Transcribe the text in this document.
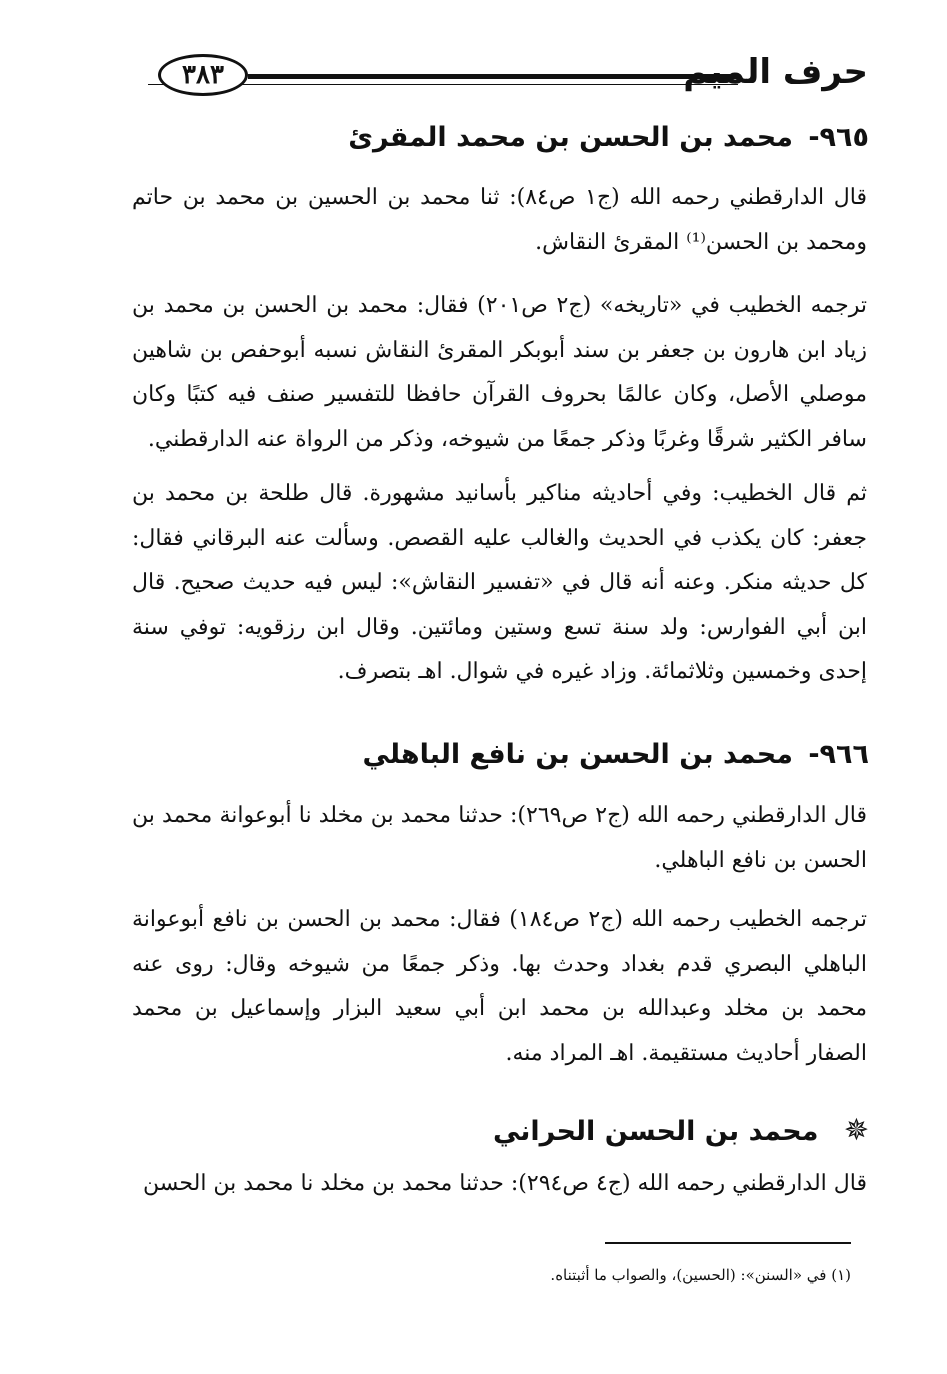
حرف الميم
٣٨٣
٩٦٥- محمد بن الحسن بن محمد المقرئ
قال الدارقطني رحمه الله (ج١ ص٨٤): ثنا محمد بن الحسين بن محمد بن حاتم ومحمد بن الحسن⁽¹⁾ المقرئ النقاش.
ترجمه الخطيب في «تاريخه» (ج٢ ص٢٠١) فقال: محمد بن الحسن بن محمد بن زياد ابن هارون بن جعفر بن سند أبوبكر المقرئ النقاش نسبه أبوحفص بن شاهين موصلي الأصل، وكان عالمًا بحروف القرآن حافظا للتفسير صنف فيه كتبًا وكان سافر الكثير شرقًا وغربًا وذكر جمعًا من شيوخه، وذكر من الرواة عنه الدارقطني.
ثم قال الخطيب: وفي أحاديثه مناكير بأسانيد مشهورة. قال طلحة بن محمد بن جعفر: كان يكذب في الحديث والغالب عليه القصص. وسألت عنه البرقاني فقال: كل حديثه منكر. وعنه أنه قال في «تفسير النقاش»: ليس فيه حديث صحيح. قال ابن أبي الفوارس: ولد سنة تسع وستين ومائتين. وقال ابن رزقويه: توفي سنة إحدى وخمسين وثلاثمائة. وزاد غيره في شوال. اهـ بتصرف.
٩٦٦- محمد بن الحسن بن نافع الباهلي
قال الدارقطني رحمه الله (ج٢ ص٢٦٩): حدثنا محمد بن مخلد نا أبوعوانة محمد بن الحسن بن نافع الباهلي.
ترجمه الخطيب رحمه الله (ج٢ ص١٨٤) فقال: محمد بن الحسن بن نافع أبوعوانة الباهلي البصري قدم بغداد وحدث بها. وذكر جمعًا من شيوخه وقال: روى عنه محمد بن مخلد وعبدالله بن محمد ابن أبي سعيد البزار وإسماعيل بن محمد الصفار أحاديث مستقيمة. اهـ المراد منه.
✵ محمد بن الحسن الحراني
قال الدارقطني رحمه الله (ج٤ ص٢٩٤): حدثنا محمد بن مخلد نا محمد بن الحسن
(١) في «السنن»: (الحسين)، والصواب ما أثبتناه.
